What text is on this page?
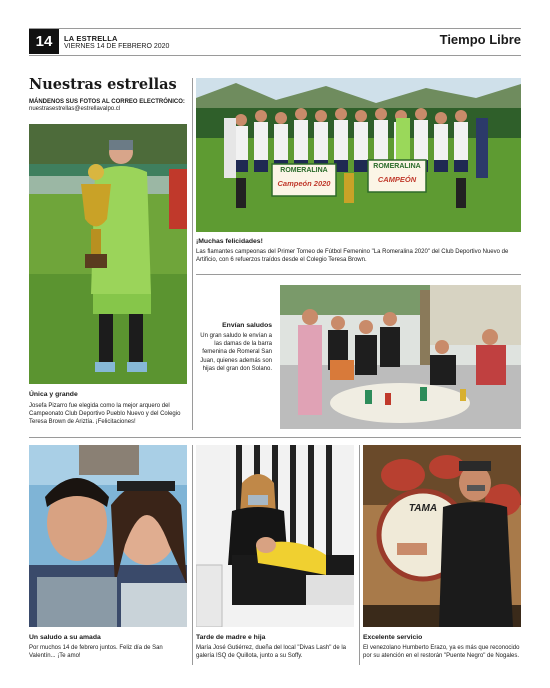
14	LA ESTRELLA
VIERNES 14 DE FEBRERO 2020	Tiempo Libre
Nuestras estrellas
MÁNDENOS SUS FOTOS AL CORREO ELECTRÓNICO:
nuestrasestrellas@estrellavalpo.cl
Única y grande
Josefa Pizarro fue elegida como la mejor arquero del Campeonato Club Deportivo Pueblo Nuevo y del Colegio Teresa Brown de Ariztía. ¡Felicitaciones!
ROMERALINA
Campeón 2020
ROMERALINA
CAMPEÓN
¡Muchas felicidades!
Las flamantes campeonas del Primer Torneo de Fútbol Femenino "La Romeralina 2020" del Club Deportivo Nuevo de Artificio, con 6 refuerzos traídos desde el Colegio Teresa Brown.
Envían saludos
Un gran saludo le envían a las damas de la barra femenina de Romeral San Juan, quienes además son hijas del gran don Solano.
Un saludo a su amada
Por muchos 14 de febrero juntos. Feliz día de San Valentín... ¡Te amo!
Tarde de madre e hija
María José Gutiérrez, dueña del local "Divas Lash" de la galería ISQ de Quillota, junto a su Soffy.
TAMA
Excelente servicio
El venezolano Humberto Erazo, ya es más que reconocido por su atención en el restorán "Puente Negro" de Nogales.
